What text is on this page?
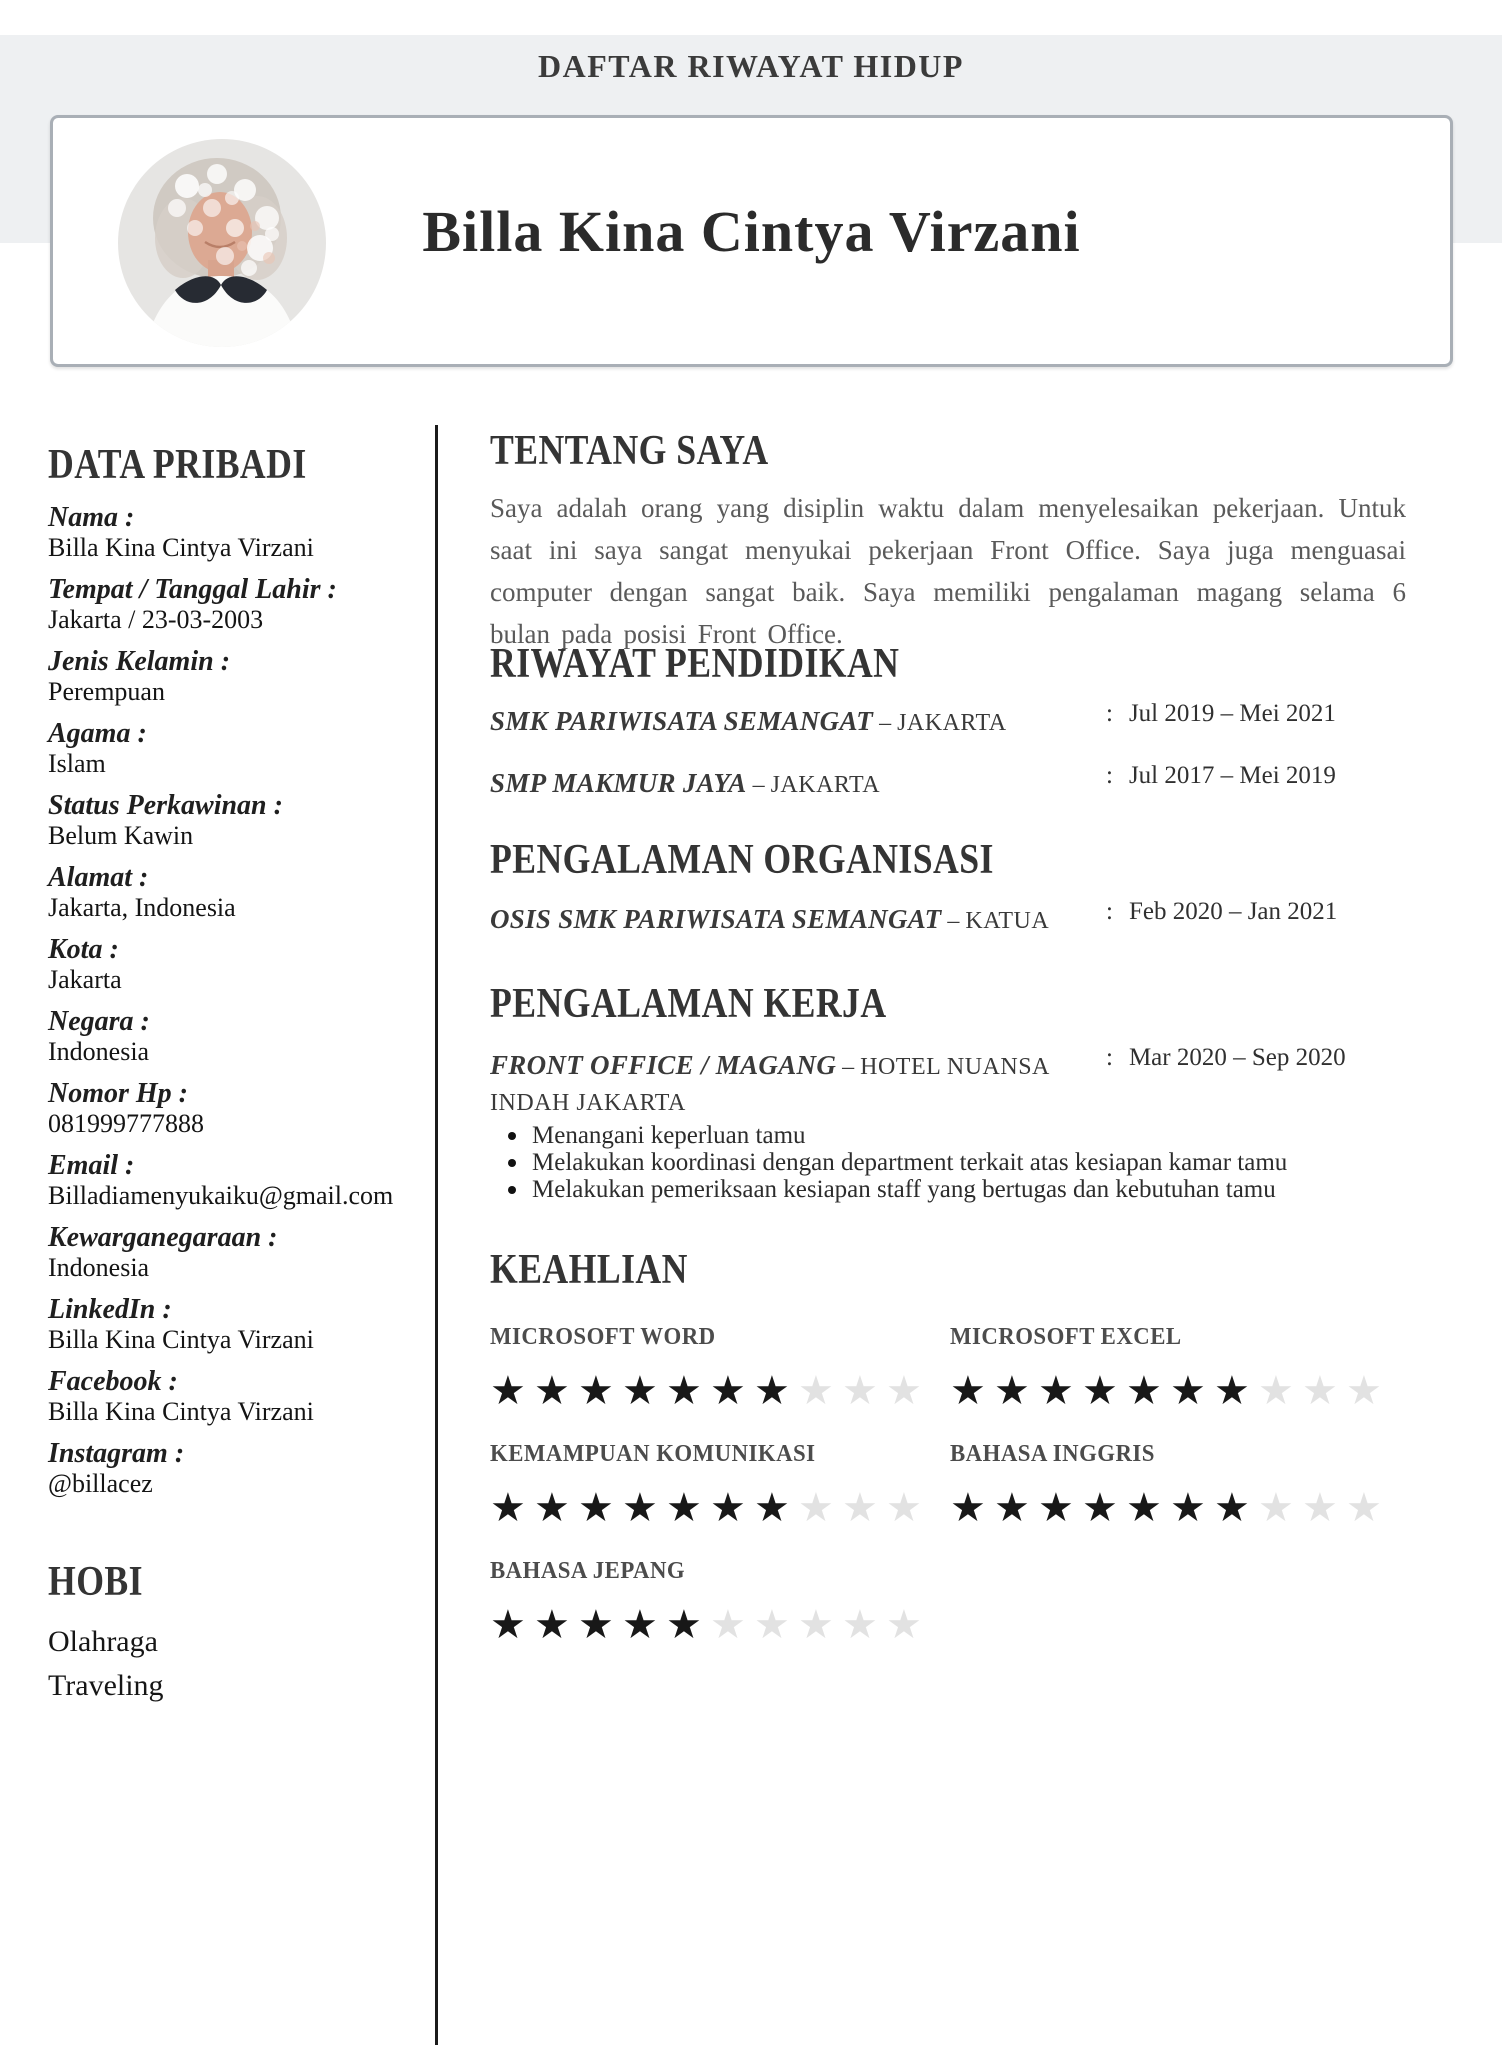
DAFTAR RIWAYAT HIDUP
Billa Kina Cintya Virzani
DATA PRIBADI
Nama :
Billa Kina Cintya Virzani
Tempat / Tanggal Lahir :
Jakarta / 23-03-2003
Jenis Kelamin :
Perempuan
Agama :
Islam
Status Perkawinan :
Belum Kawin
Alamat :
Jakarta, Indonesia
Kota :
Jakarta
Negara :
Indonesia
Nomor Hp :
081999777888
Email :
Billadiamenyukaiku@gmail.com
Kewarganegaraan :
Indonesia
LinkedIn :
Billa Kina Cintya Virzani
Facebook :
Billa Kina Cintya Virzani
Instagram :
@billacez
HOBI
Olahraga
Traveling
TENTANG SAYA
Saya adalah orang yang disiplin waktu dalam menyelesaikan pekerjaan. Untuk saat ini saya sangat menyukai pekerjaan Front Office. Saya juga menguasai computer dengan sangat baik. Saya memiliki pengalaman magang selama 6 bulan pada posisi Front Office.
RIWAYAT PENDIDIKAN
SMK PARIWISATA SEMANGAT – JAKARTA	: Jul 2019 – Mei 2021
SMP MAKMUR JAYA – JAKARTA	: Jul 2017 – Mei 2019
PENGALAMAN ORGANISASI
OSIS SMK PARIWISATA SEMANGAT – KATUA	: Feb 2020 – Jan 2021
PENGALAMAN KERJA
FRONT OFFICE / MAGANG – HOTEL NUANSA INDAH JAKARTA
: Mar 2020 – Sep 2020
Menangani keperluan tamu
Melakukan koordinasi dengan department terkait atas kesiapan kamar tamu
Melakukan pemeriksaan kesiapan staff yang bertugas dan kebutuhan tamu
KEAHLIAN
MICROSOFT WORD
★ ★ ★ ★ ★ ★ ★ ★ ★ ★
MICROSOFT EXCEL
★ ★ ★ ★ ★ ★ ★ ★ ★ ★
KEMAMPUAN KOMUNIKASI
★ ★ ★ ★ ★ ★ ★ ★ ★ ★
BAHASA INGGRIS
★ ★ ★ ★ ★ ★ ★ ★ ★ ★
BAHASA JEPANG
★ ★ ★ ★ ★ ★ ★ ★ ★ ★
